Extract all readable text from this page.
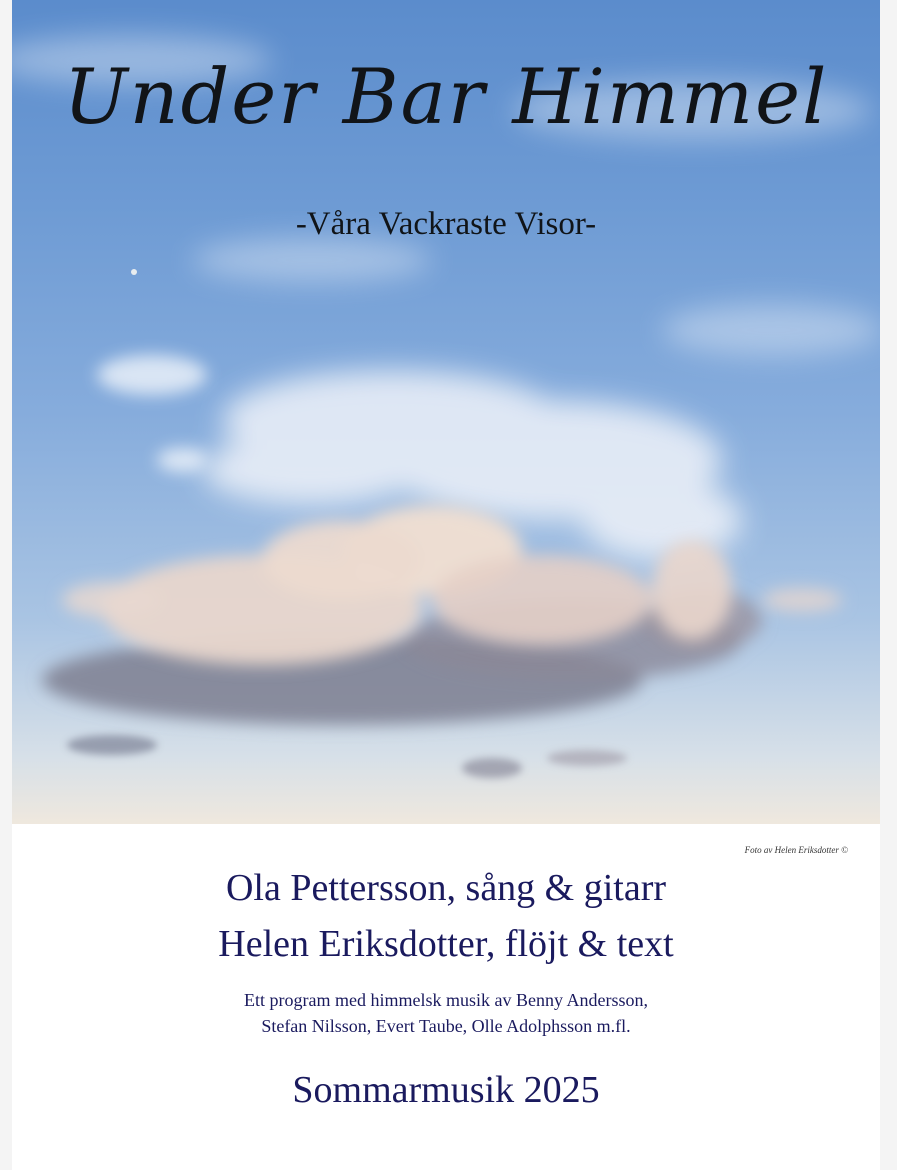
Under Bar Himmel
-Våra Vackraste Visor-
Foto av Helen Eriksdotter ©
Ola Pettersson, sång & gitarr
Helen Eriksdotter, flöjt & text
Ett program med himmelsk musik av Benny Andersson,
Stefan Nilsson, Evert Taube, Olle Adolphsson m.fl.
Sommarmusik 2025
